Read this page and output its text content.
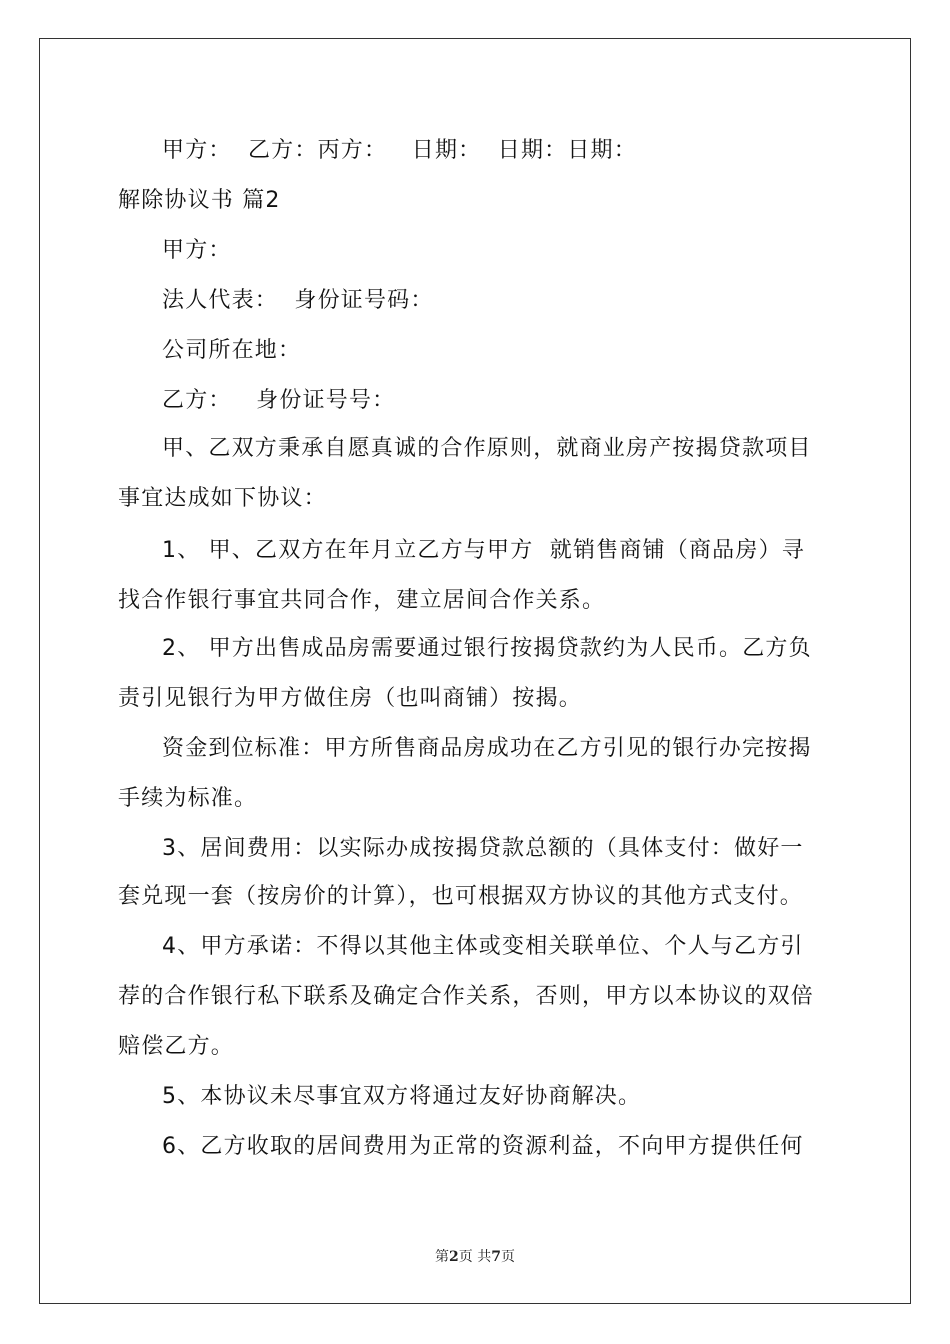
甲方：  乙方：丙方：   日期：  日期：日期：
解除协议书 篇2
甲方：
法人代表：  身份证号码：
公司所在地：
乙方：   身份证号号：
甲、乙双方秉承自愿真诚的合作原则，就商业房产按揭贷款项目
事宜达成如下协议：
1、 甲、乙双方在年月立乙方与甲方  就销售商铺（商品房）寻
找合作银行事宜共同合作，建立居间合作关系。
2、 甲方出售成品房需要通过银行按揭贷款约为人民币。乙方负
责引见银行为甲方做住房（也叫商铺）按揭。
资金到位标准：甲方所售商品房成功在乙方引见的银行办完按揭
手续为标准。
3、居间费用：以实际办成按揭贷款总额的（具体支付：做好一
套兑现一套（按房价的计算），也可根据双方协议的其他方式支付。
4、甲方承诺：不得以其他主体或变相关联单位、个人与乙方引
荐的合作银行私下联系及确定合作关系，否则，甲方以本协议的双倍
赔偿乙方。
5、本协议未尽事宜双方将通过友好协商解决。
6、乙方收取的居间费用为正常的资源利益，不向甲方提供任何
第2页 共7页
